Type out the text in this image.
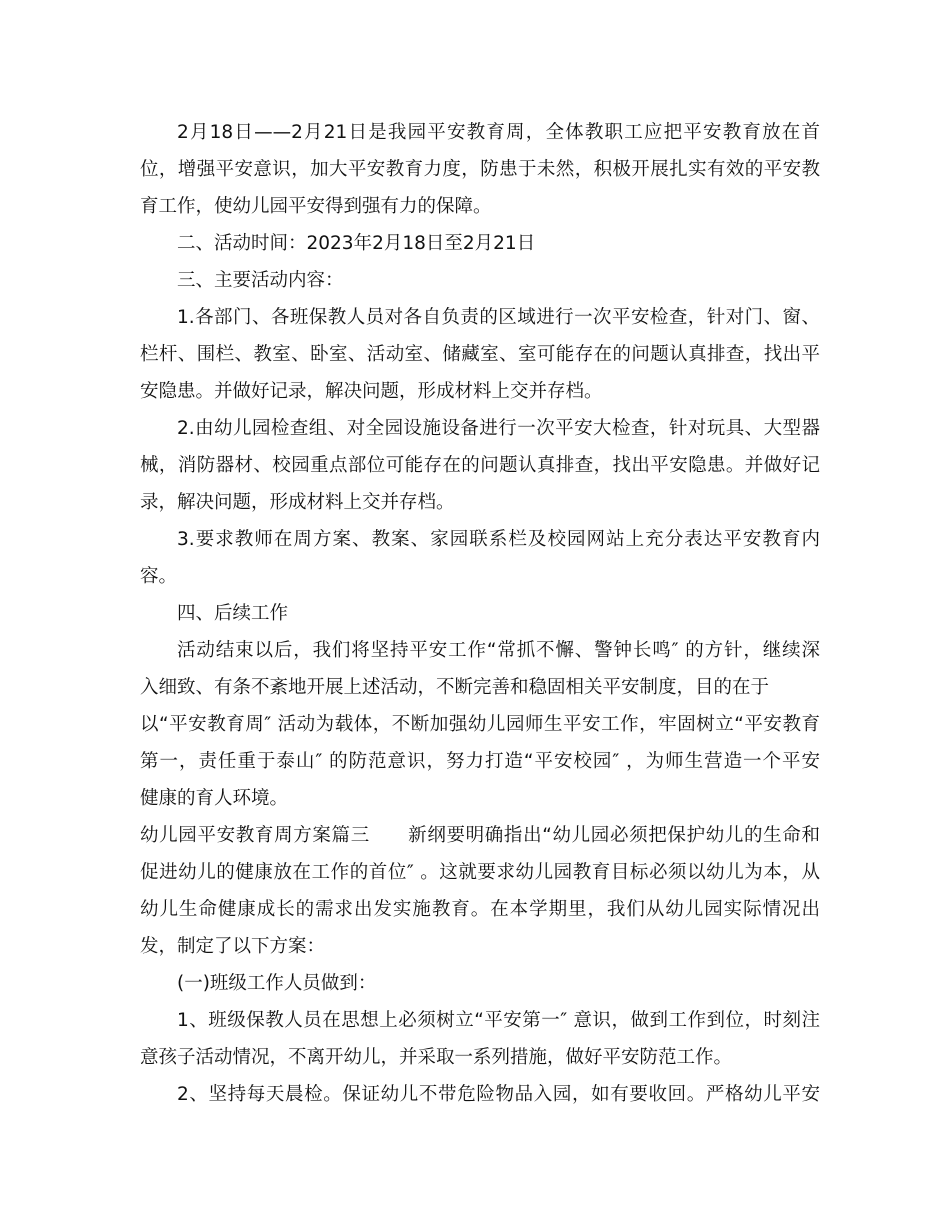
2月18日——2月21日是我园平安教育周，全体教职工应把平安教育放在首
位，增强平安意识，加大平安教育力度，防患于未然，积极开展扎实有效的平安教
育工作，使幼儿园平安得到强有力的保障。
二、活动时间：2023年2月18日至2月21日
三、主要活动内容：
1.各部门、各班保教人员对各自负责的区域进行一次平安检查，针对门、窗、
栏杆、围栏、教室、卧室、活动室、储藏室、室可能存在的问题认真排查，找出平
安隐患。并做好记录，解决问题，形成材料上交并存档。
2.由幼儿园检查组、对全园设施设备进行一次平安大检查，针对玩具、大型器
械，消防器材、校园重点部位可能存在的问题认真排查，找出平安隐患。并做好记
录，解决问题，形成材料上交并存档。
3.要求教师在周方案、教案、家园联系栏及校园网站上充分表达平安教育内
容。
四、后续工作
活动结束以后，我们将坚持平安工作“常抓不懈、警钟长鸣″ 的方针，继续深
入细致、有条不紊地开展上述活动，不断完善和稳固相关平安制度，目的在于
以“平安教育周″ 活动为载体，不断加强幼儿园师生平安工作，牢固树立“平安教育
第一，责任重于泰山″ 的防范意识，努力打造“平安校园″ ，为师生营造一个平安
健康的育人环境。
幼儿园平安教育周方案篇三　　新纲要明确指出“幼儿园必须把保护幼儿的生命和
促进幼儿的健康放在工作的首位″ 。这就要求幼儿园教育目标必须以幼儿为本，从
幼儿生命健康成长的需求出发实施教育。在本学期里，我们从幼儿园实际情况出
发，制定了以下方案：
(一)班级工作人员做到：
1、班级保教人员在思想上必须树立“平安第一″ 意识，做到工作到位，时刻注
意孩子活动情况，不离开幼儿，并采取一系列措施，做好平安防范工作。
2、坚持每天晨检。保证幼儿不带危险物品入园，如有要收回。严格幼儿平安
